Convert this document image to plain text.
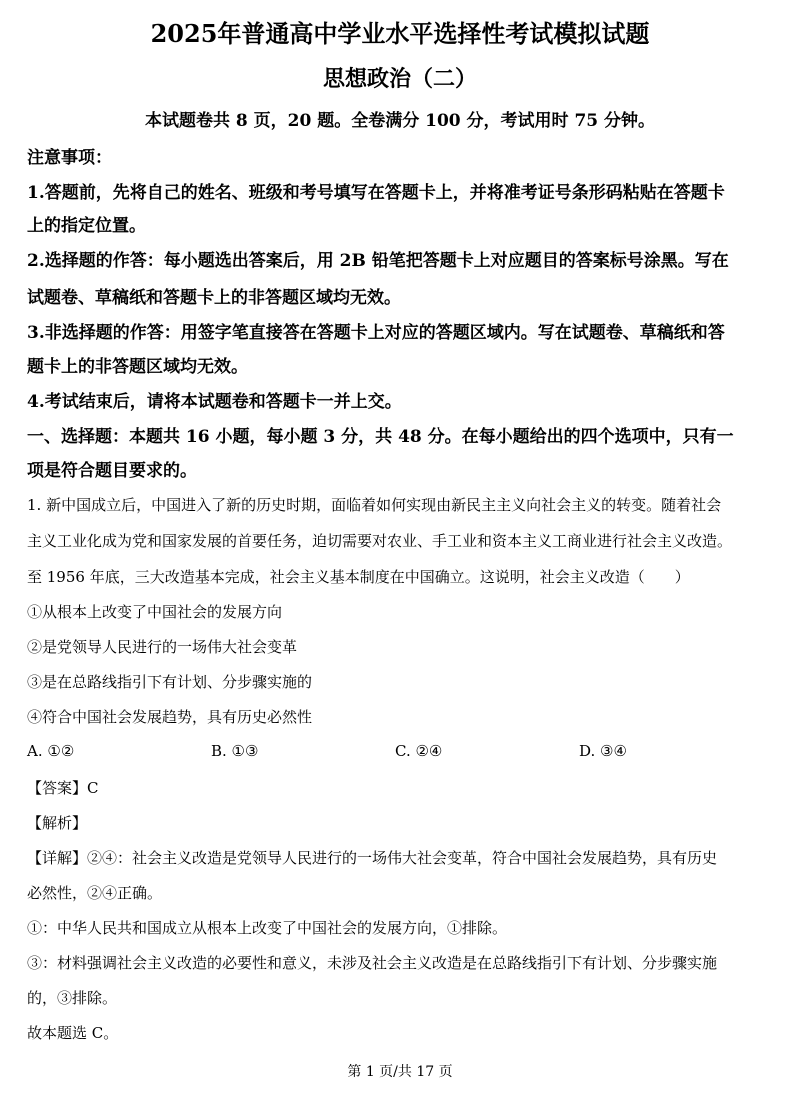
2025年普通高中学业水平选择性考试模拟试题
思想政治（二）
本试题卷共 8 页，20 题。全卷满分 100 分，考试用时 75 分钟。
注意事项：
1.答题前，先将自己的姓名、班级和考号填写在答题卡上，并将准考证号条形码粘贴在答题卡
上的指定位置。
2.选择题的作答：每小题选出答案后，用 2B 铅笔把答题卡上对应题目的答案标号涂黑。写在
试题卷、草稿纸和答题卡上的非答题区域均无效。
3.非选择题的作答：用签字笔直接答在答题卡上对应的答题区域内。写在试题卷、草稿纸和答
题卡上的非答题区域均无效。
4.考试结束后，请将本试题卷和答题卡一并上交。
一、选择题：本题共 16 小题，每小题 3 分，共 48 分。在每小题给出的四个选项中，只有一
项是符合题目要求的。
1. 新中国成立后，中国进入了新的历史时期，面临着如何实现由新民主主义向社会主义的转变。随着社会
主义工业化成为党和国家发展的首要任务，迫切需要对农业、手工业和资本主义工商业进行社会主义改造。
至 1956 年底，三大改造基本完成，社会主义基本制度在中国确立。这说明，社会主义改造（　　）
①从根本上改变了中国社会的发展方向
②是党领导人民进行的一场伟大社会变革
③是在总路线指引下有计划、分步骤实施的
④符合中国社会发展趋势，具有历史必然性
A. ①②	B. ①③	C. ②④	D. ③④
【答案】C
【解析】
【详解】②④：社会主义改造是党领导人民进行的一场伟大社会变革，符合中国社会发展趋势，具有历史
必然性，②④正确。
①：中华人民共和国成立从根本上改变了中国社会的发展方向，①排除。
③：材料强调社会主义改造的必要性和意义，未涉及社会主义改造是在总路线指引下有计划、分步骤实施
的，③排除。
故本题选 C。
第 1 页/共 17 页
